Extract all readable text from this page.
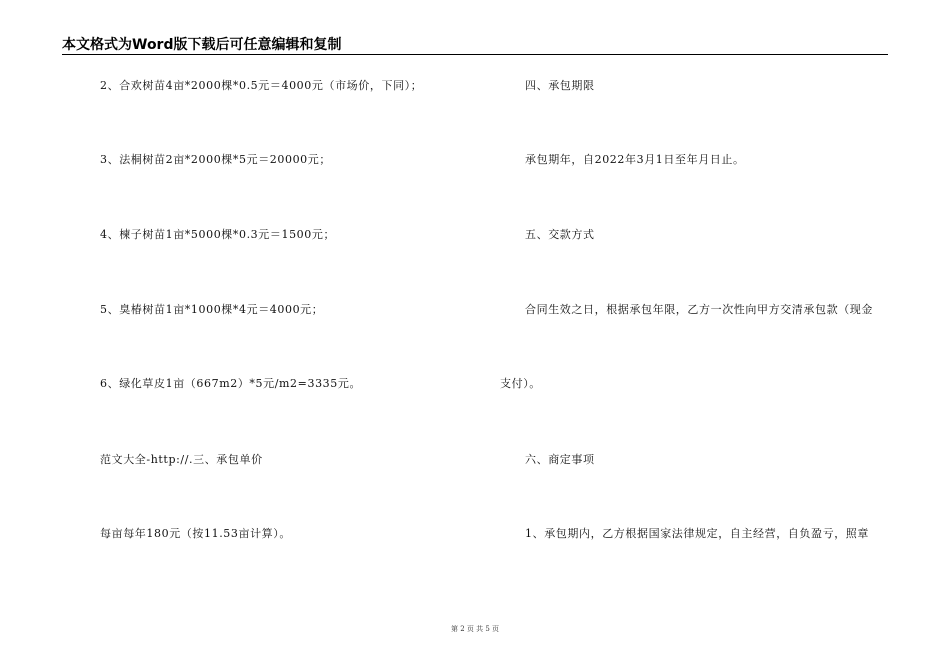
本文格式为Word版下载后可任意编辑和复制
2、合欢树苗4亩*2000棵*0.5元＝4000元（市场价，下同）；
3、法桐树苗2亩*2000棵*5元＝20000元；
4、楝子树苗1亩*5000棵*0.3元＝1500元；
5、臭椿树苗1亩*1000棵*4元＝4000元；
6、绿化草皮1亩（667m2）*5元/m2=3335元。
范文大全-http://.三、承包单价
每亩每年180元（按11.53亩计算）。
四、承包期限
承包期年，自2022年3月1日至年月日止。
五、交款方式
合同生效之日，根据承包年限，乙方一次性向甲方交清承包款（现金
支付）。
六、商定事项
1、承包期内，乙方根据国家法律规定，自主经营，自负盈亏，照章
第 2 页 共 5 页
